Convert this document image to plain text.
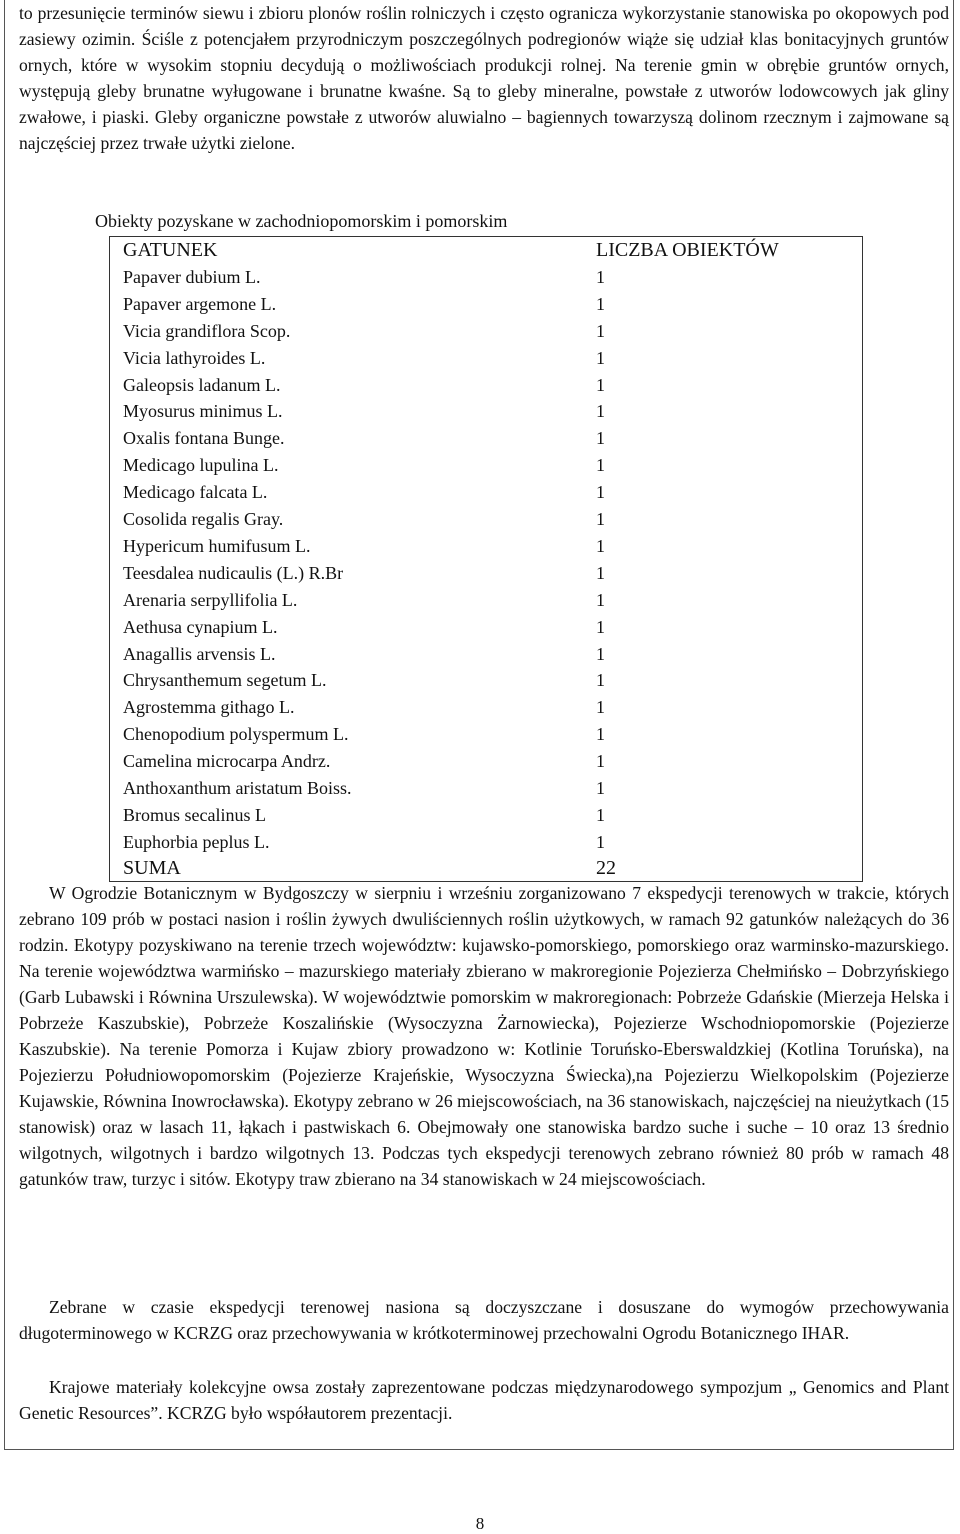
to przesunięcie terminów siewu i zbioru plonów roślin rolniczych i często ogranicza wykorzystanie stanowiska po okopowych pod zasiewy ozimin. Ściśle z potencjałem przyrodniczym poszczególnych podregionów wiąże się udział klas bonitacyjnych gruntów ornych, które w wysokim stopniu decydują o możliwościach produkcji rolnej. Na terenie gmin w obrębie gruntów ornych, występują gleby brunatne wyługowane i brunatne kwaśne. Są to gleby mineralne, powstałe z utworów lodowcowych jak gliny zwałowe, i piaski. Gleby organiczne powstałe z utworów aluwialno – bagiennych towarzyszą dolinom rzecznym i zajmowane są najczęściej przez trwałe użytki zielone.

Obiekty pozyskane w zachodniopomorskim i pomorskim
GATUNEK	LICZBA OBIEKTÓW
Papaver dubium L.	1
Papaver argemone L.	1
Vicia grandiflora Scop.	1
Vicia lathyroides L.	1
Galeopsis ladanum L.	1
Myosurus minimus L.	1
Oxalis fontana Bunge.	1
Medicago lupulina L.	1
Medicago falcata L.	1
Cosolida regalis Gray.	1
Hypericum humifusum L.	1
Teesdalea nudicaulis (L.) R.Br	1
Arenaria serpyllifolia L.	1
Aethusa cynapium L.	1
Anagallis arvensis L.	1
Chrysanthemum segetum L.	1
Agrostemma githago L.	1
Chenopodium polyspermum L.	1
Camelina microcarpa Andrz.	1
Anthoxanthum aristatum Boiss.	1
Bromus secalinus L	1
Euphorbia peplus L.	1
SUMA	22

W Ogrodzie Botanicznym w Bydgoszczy w sierpniu i wrześniu zorganizowano 7 ekspedycji terenowych w trakcie, których zebrano 109 prób w postaci nasion i roślin żywych dwuliściennych roślin użytkowych, w ramach 92 gatunków należących do 36 rodzin. Ekotypy pozyskiwano na terenie trzech województw: kujawsko-pomorskiego, pomorskiego oraz warminsko-mazurskiego. Na terenie województwa warmińsko – mazurskiego materiały zbierano w makroregionie Pojezierza Chełmińsko – Dobrzyńskiego (Garb Lubawski i Równina Urszulewska). W województwie pomorskim w makroregionach: Pobrzeże Gdańskie (Mierzeja Helska i Pobrzeże Kaszubskie), Pobrzeże Koszalińskie (Wysoczyzna Żarnowiecka), Pojezierze Wschodniopomorskie (Pojezierze Kaszubskie). Na terenie Pomorza i Kujaw zbiory prowadzono w: Kotlinie Toruńsko-Eberswaldzkiej (Kotlina Toruńska), na Pojezierzu Południowopomorskim (Pojezierze Krajeńskie, Wysoczyzna Świecka),na Pojezierzu Wielkopolskim (Pojezierze Kujawskie, Równina Inowrocławska). Ekotypy zebrano w 26 miejscowościach, na 36 stanowiskach, najczęściej na nieużytkach (15 stanowisk) oraz w lasach 11, łąkach i pastwiskach 6. Obejmowały one stanowiska bardzo suche i suche – 10 oraz 13 średnio wilgotnych, wilgotnych i bardzo wilgotnych 13. Podczas tych ekspedycji terenowych zebrano również 80 prób w ramach 48 gatunków traw, turzyc i sitów. Ekotypy traw zbierano na 34 stanowiskach w 24 miejscowościach.

Zebrane w czasie ekspedycji terenowej nasiona są doczyszczane i dosuszane do wymogów przechowywania długoterminowego w KCRZG oraz przechowywania w krótkoterminowej przechowalni Ogrodu Botanicznego IHAR.

Krajowe materiały kolekcyjne owsa zostały zaprezentowane podczas międzynarodowego sympozjum „ Genomics and Plant Genetic Resources”. KCRZG było współautorem prezentacji.

8
